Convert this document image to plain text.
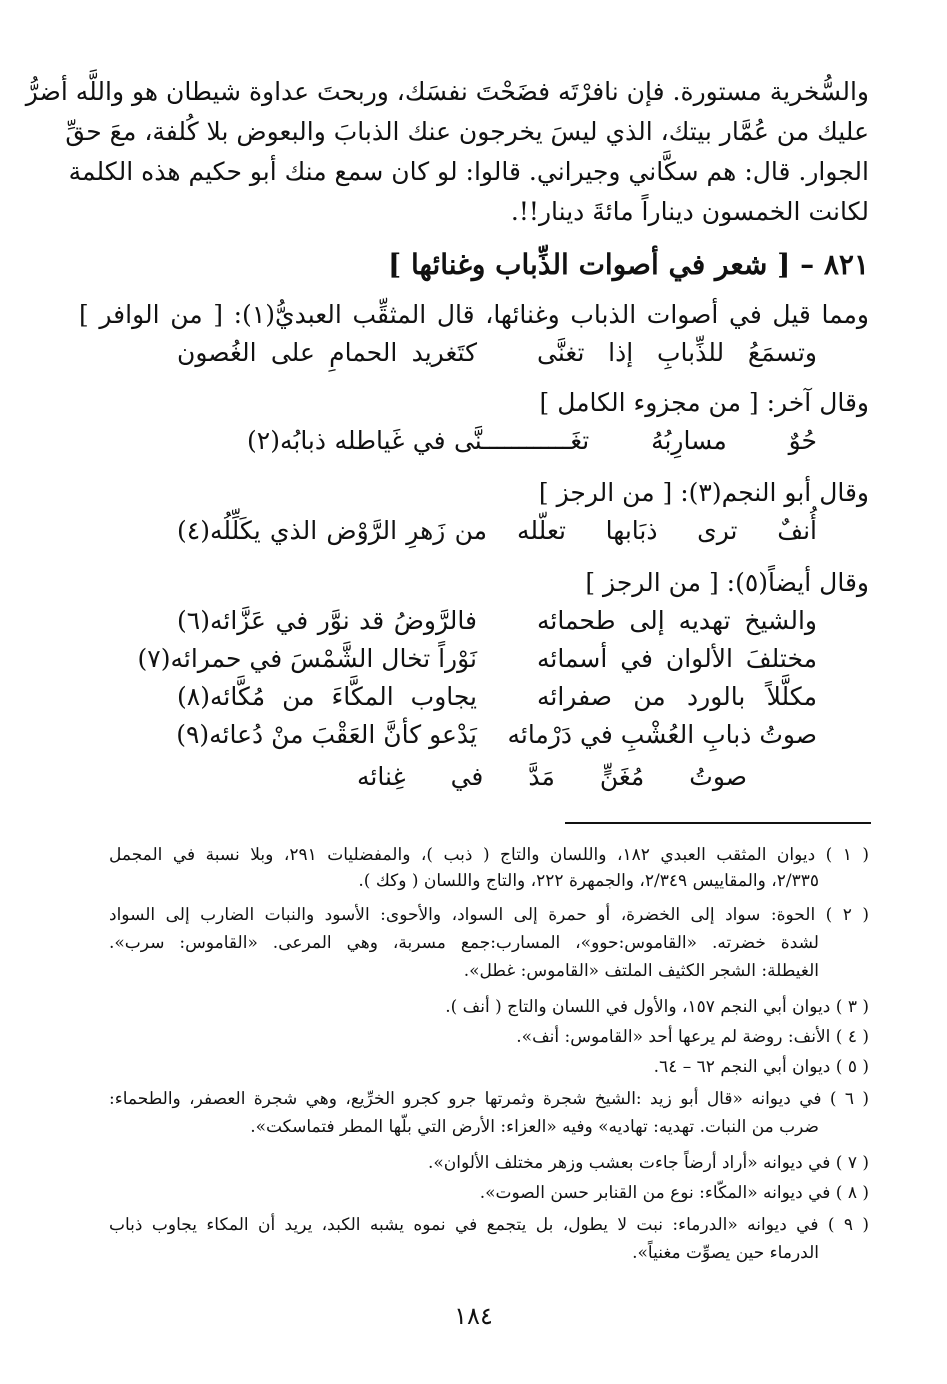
والسُّخرية مستورة. فإن نافرْتَه فضَحْتَ نفسَك، وربحتَ عداوة شيطان هو واللَّه أضرُّ
عليك من عُمَّار بيتك، الذي ليسَ يخرجون عنك الذبابَ والبعوض بلا كُلفة، معَ حقِّ
الجوار. قال: هم سكَّاني وجيراني. قالوا: لو كان سمع منك أبو حكيم هذه الكلمة
لكانت الخمسون ديناراً مائةَ دينار!!.
٨٢١ – [ شعر في أصوات الذِّباب وغنائها ]
ومما قيل في أصوات الذباب وغنائها، قال المثقِّب العبديُّ(١): [ من الوافر ]
وتسمَعُ للذِّبابِ إذا تغنَّى
كتَغريد الحمامِ على الغُصون
وقال آخر: [ من مجزوء الكامل ]
حُوٌ مسارِبُهُ تغَــــــــــ
ــنَّى في غَياطله ذبابُه(٢)
وقال أبو النجم(٣): [ من الرجز ]
أُنفٌ ترى ذبَابها تعلّله
من زَهرِ الرَّوْض الذي يكَلِّلُه(٤)
وقال أيضاً(٥): [ من الرجز ]
والشيخ تهديه إلى طحمائه
فالرَّوضُ قد نوَّر في عَزَّائه(٦)
مختلفَ الألوان في أسمائه
نَوْراً تخال الشَّمْسَ في حمرائه(٧)
مكلَّلاً بالورد من صفرائه
يجاوب المكَّاءَ من مُكَّائه(٨)
صوتُ ذبابِ العُشْبِ في دَرْمائه
يَدْعو كأنَّ العَقْبَ منْ دُعائه(٩)
صوتُ مُغَنٍّ مَدَّ في غِنائه
( ١ ) ديوان المثقب العبدي ١٨٢، واللسان والتاج ( ذبب )، والمفضليات ٢٩١، وبلا نسبة في المجمل
٢/٣٣٥، والمقاييس ٢/٣٤٩، والجمهرة ٢٢٢، والتاج واللسان ( وكك ).
( ٢ ) الحوة: سواد إلى الخضرة، أو حمرة إلى السواد، والأحوى: الأسود والنبات الضارب إلى السواد
لشدة خضرته. «القاموس:حوو»، المسارب:جمع مسربة، وهي المرعى. «القاموس: سرب».
الغيطلة: الشجر الكثيف الملتف «القاموس: غطل».
( ٣ ) ديوان أبي النجم ١٥٧، والأول في اللسان والتاج ( أنف ).
( ٤ ) الأنف: روضة لم يرعها أحد «القاموس: أنف».
( ٥ ) ديوان أبي النجم ٦٢ – ٦٤.
( ٦ ) في ديوانه «قال أبو زيد :الشيخ شجرة وثمرتها جرو كجرو الخرِّيع، وهي شجرة العصفر، والطحماء:
ضرب من النبات. تهديه: تهاديه» وفيه «العزاء: الأرض التي بلّها المطر فتماسكت».
( ٧ ) في ديوانه «أراد أرضاً جاءت بعشب وزهر مختلف الألوان».
( ٨ ) في ديوانه «المكّاء: نوع من القنابر حسن الصوت».
( ٩ ) في ديوانه «الدرماء: نبت لا يطول، بل يتجمع في نموه يشبه الكبد، يريد أن المكاء يجاوب ذباب
الدرماء حين يصوِّت مغنياً».
١٨٤
